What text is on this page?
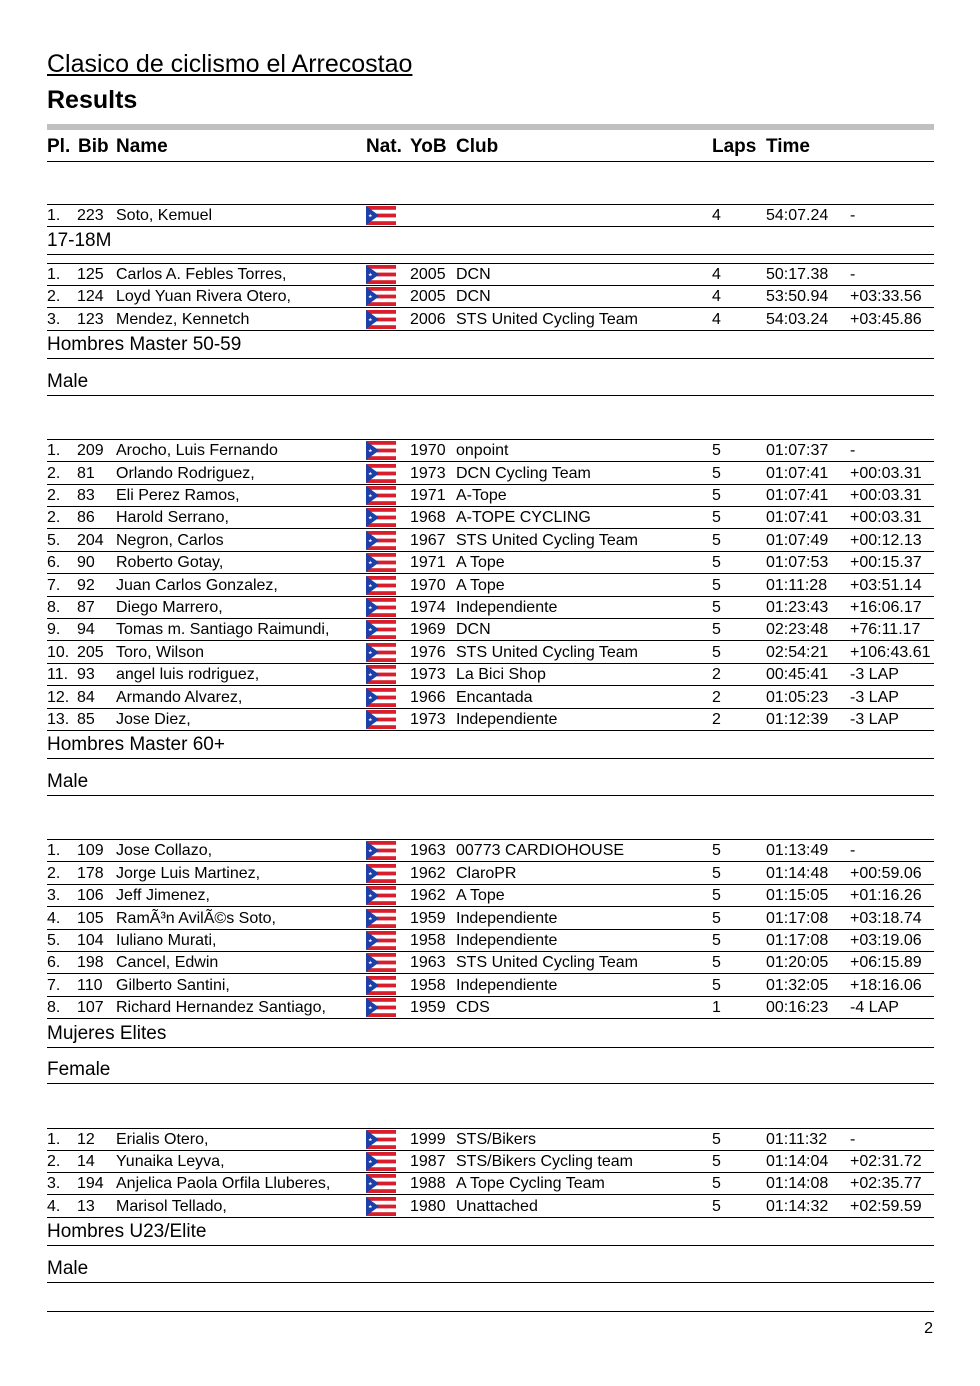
Clasico de ciclismo el Arrecostao
Results
Pl. Bib Name	Nat. YoB Club	Laps Time
1. 223 Soto, Kemuel	4	54:07.24 -
17-18M
1. 125 Carlos A. Febles Torres,	2005 DCN	4	50:17.38 -
2. 124 Loyd Yuan Rivera Otero,	2005 DCN	4	53:50.94 +03:33.56
3. 123 Mendez, Kennetch	2006 STS United Cycling Team	4	54:03.24 +03:45.86
Hombres Master 50-59
Male
1. 209 Arocho, Luis Fernando	1970 onpoint	5	01:07:37 -
2. 81 Orlando Rodriguez,	1973 DCN Cycling Team	5	01:07:41 +00:03.31
2. 83 Eli Perez Ramos,	1971 A-Tope	5	01:07:41 +00:03.31
2. 86 Harold Serrano,	1968 A-TOPE CYCLING	5	01:07:41 +00:03.31
5. 204 Negron, Carlos	1967 STS United Cycling Team	5	01:07:49 +00:12.13
6. 90 Roberto Gotay,	1971 A Tope	5	01:07:53 +00:15.37
7. 92 Juan Carlos Gonzalez,	1970 A Tope	5	01:11:28 +03:51.14
8. 87 Diego Marrero,	1974 Independiente	5	01:23:43 +16:06.17
9. 94 Tomas m. Santiago Raimundi,	1969 DCN	5	02:23:48 +76:11.17
10. 205 Toro, Wilson	1976 STS United Cycling Team	5	02:54:21 +106:43.61
11. 93 angel luis rodriguez,	1973 La Bici Shop	2	00:45:41 -3 LAP
12. 84 Armando Alvarez,	1966 Encantada	2	01:05:23 -3 LAP
13. 85 Jose Diez,	1973 Independiente	2	01:12:39 -3 LAP
Hombres Master 60+
Male
1. 109 Jose Collazo,	1963 00773 CARDIOHOUSE	5	01:13:49 -
2. 178 Jorge Luis Martinez,	1962 ClaroPR	5	01:14:48 +00:59.06
3. 106 Jeff Jimenez,	1962 A Tope	5	01:15:05 +01:16.26
4. 105 RamÃ³n AvilÃ©s Soto,	1959 Independiente	5	01:17:08 +03:18.74
5. 104 Iuliano Murati,	1958 Independiente	5	01:17:08 +03:19.06
6. 198 Cancel, Edwin	1963 STS United Cycling Team	5	01:20:05 +06:15.89
7. 110 Gilberto Santini,	1958 Independiente	5	01:32:05 +18:16.06
8. 107 Richard Hernandez Santiago,	1959 CDS	1	00:16:23 -4 LAP
Mujeres Elites
Female
1. 12 Erialis Otero,	1999 STS/Bikers	5	01:11:32 -
2. 14 Yunaika Leyva,	1987 STS/Bikers Cycling team	5	01:14:04 +02:31.72
3. 194 Anjelica Paola Orfila Lluberes,	1988 A Tope Cycling Team	5	01:14:08 +02:35.77
4. 13 Marisol Tellado,	1980 Unattached	5	01:14:32 +02:59.59
Hombres U23/Elite
Male
2
